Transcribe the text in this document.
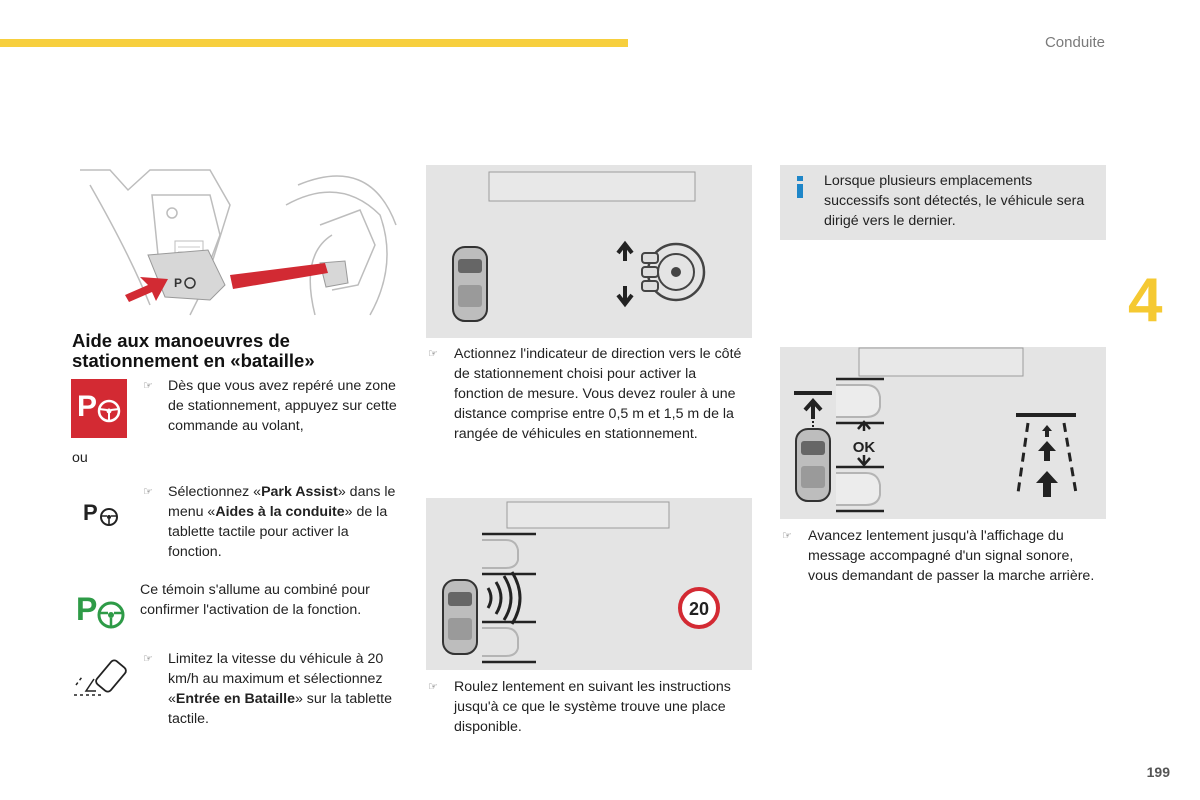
Conduite
4
P
Aide aux manoeuvres de
stationnement en «bataille»
P
☞ Dès que vous avez repéré une zone de stationnement, appuyez sur cette commande au volant,
ou
P
☞ Sélectionnez «Park Assist» dans le menu «Aides à la conduite» de la tablette tactile pour activer la fonction.
P
Ce témoin s'allume au combiné pour confirmer l'activation de la fonction.
☞ Limitez la vitesse du véhicule à 20 km/h au maximum et sélectionnez «Entrée en Bataille» sur la tablette tactile.
☞ Actionnez l'indicateur de direction vers le côté de stationnement choisi pour activer la fonction de mesure. Vous devez rouler à une distance comprise entre 0,5 m et 1,5 m de la rangée de véhicules en stationnement.
20
☞ Roulez lentement en suivant les instructions jusqu'à ce que le système trouve une place disponible.
Lorsque plusieurs emplacements successifs sont détectés, le véhicule sera dirigé vers le dernier.
OK
☞ Avancez lentement jusqu'à l'affichage du message accompagné d'un signal sonore, vous demandant de passer la marche arrière.
199
